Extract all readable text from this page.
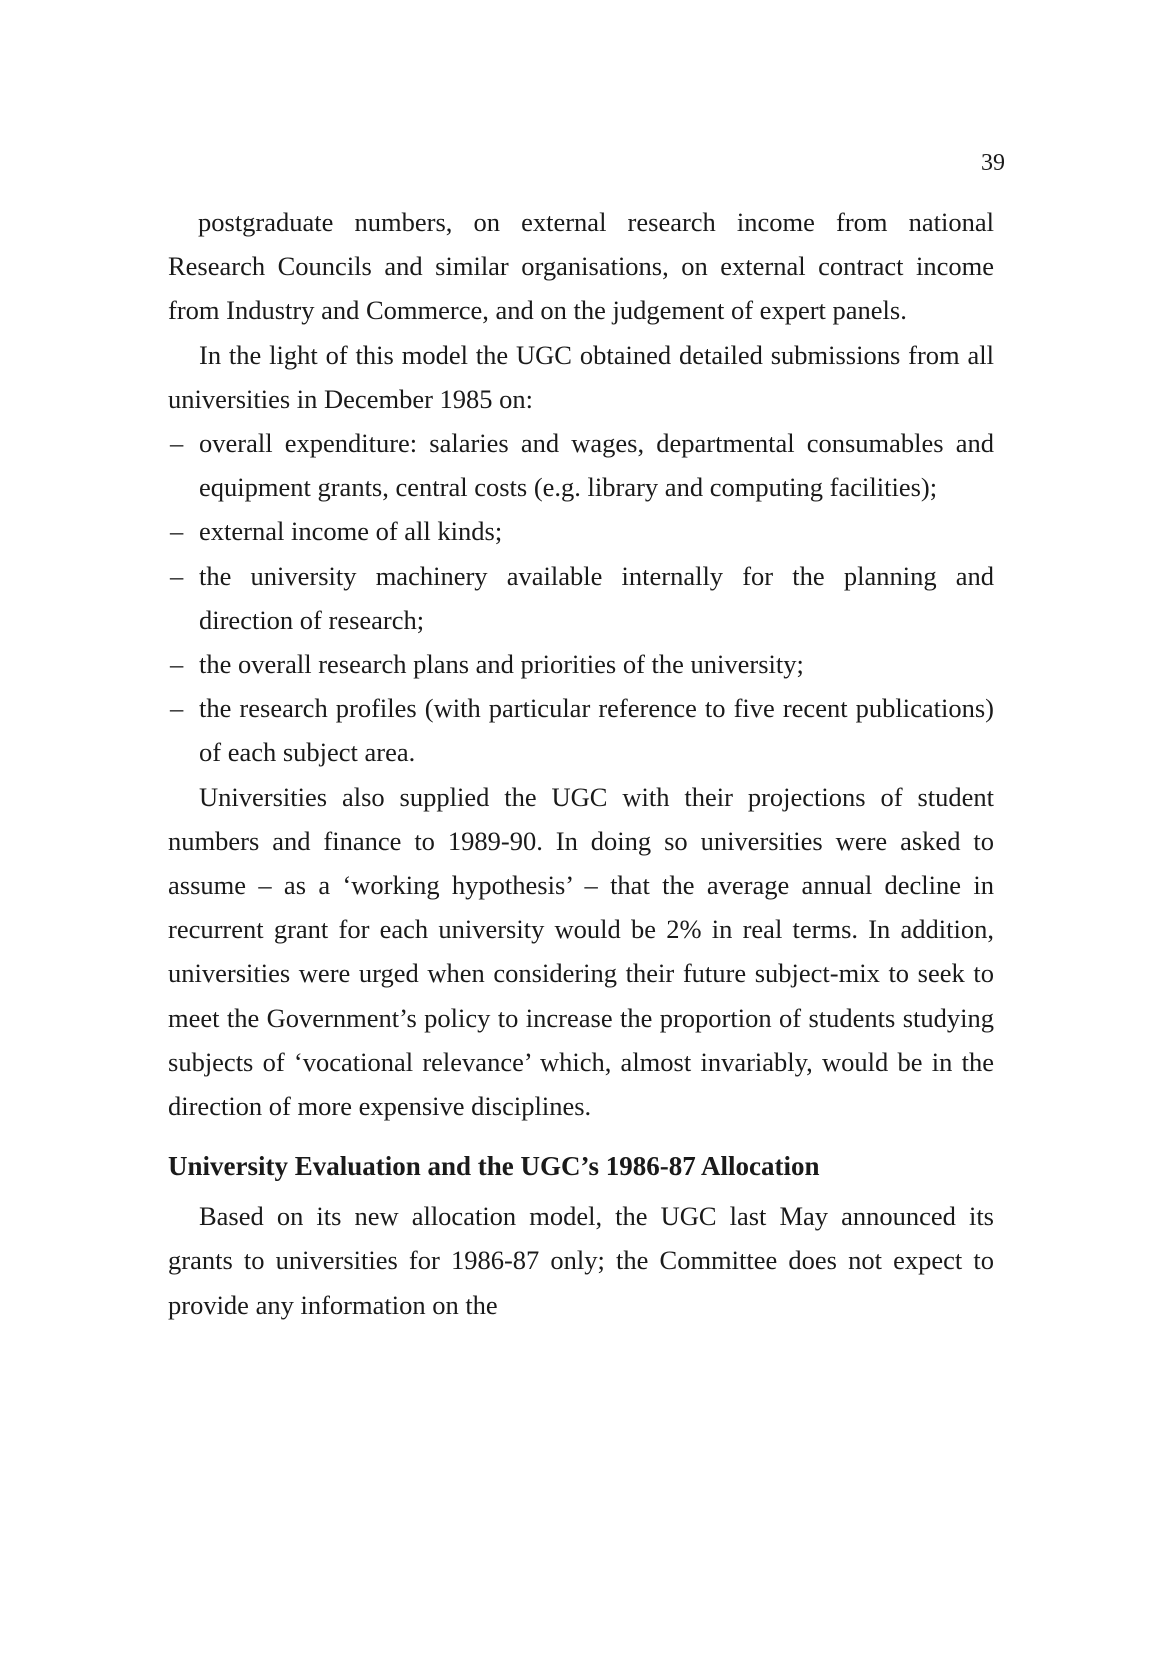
39

postgraduate numbers, on external research income from national Research Councils and similar organisations, on external contract income from Industry and Commerce, and on the judgement of expert panels.

In the light of this model the UGC obtained detailed submissions from all universities in December 1985 on:

– overall expenditure: salaries and wages, departmental consumables and equipment grants, central costs (e.g. library and computing facilities);
– external income of all kinds;
– the university machinery available internally for the planning and direction of research;
– the overall research plans and priorities of the university;
– the research profiles (with particular reference to five recent publications) of each subject area.

Universities also supplied the UGC with their projections of student numbers and finance to 1989-90. In doing so universities were asked to assume – as a ‘working hypothesis’ – that the average annual decline in recurrent grant for each university would be 2% in real terms. In addition, universities were urged when considering their future subject-mix to seek to meet the Government’s policy to increase the proportion of students studying subjects of ‘vocational relevance’ which, almost invariably, would be in the direction of more expensive disciplines.

University Evaluation and the UGC’s 1986-87 Allocation

Based on its new allocation model, the UGC last May announced its grants to universities for 1986-87 only; the Committee does not expect to provide any information on the
